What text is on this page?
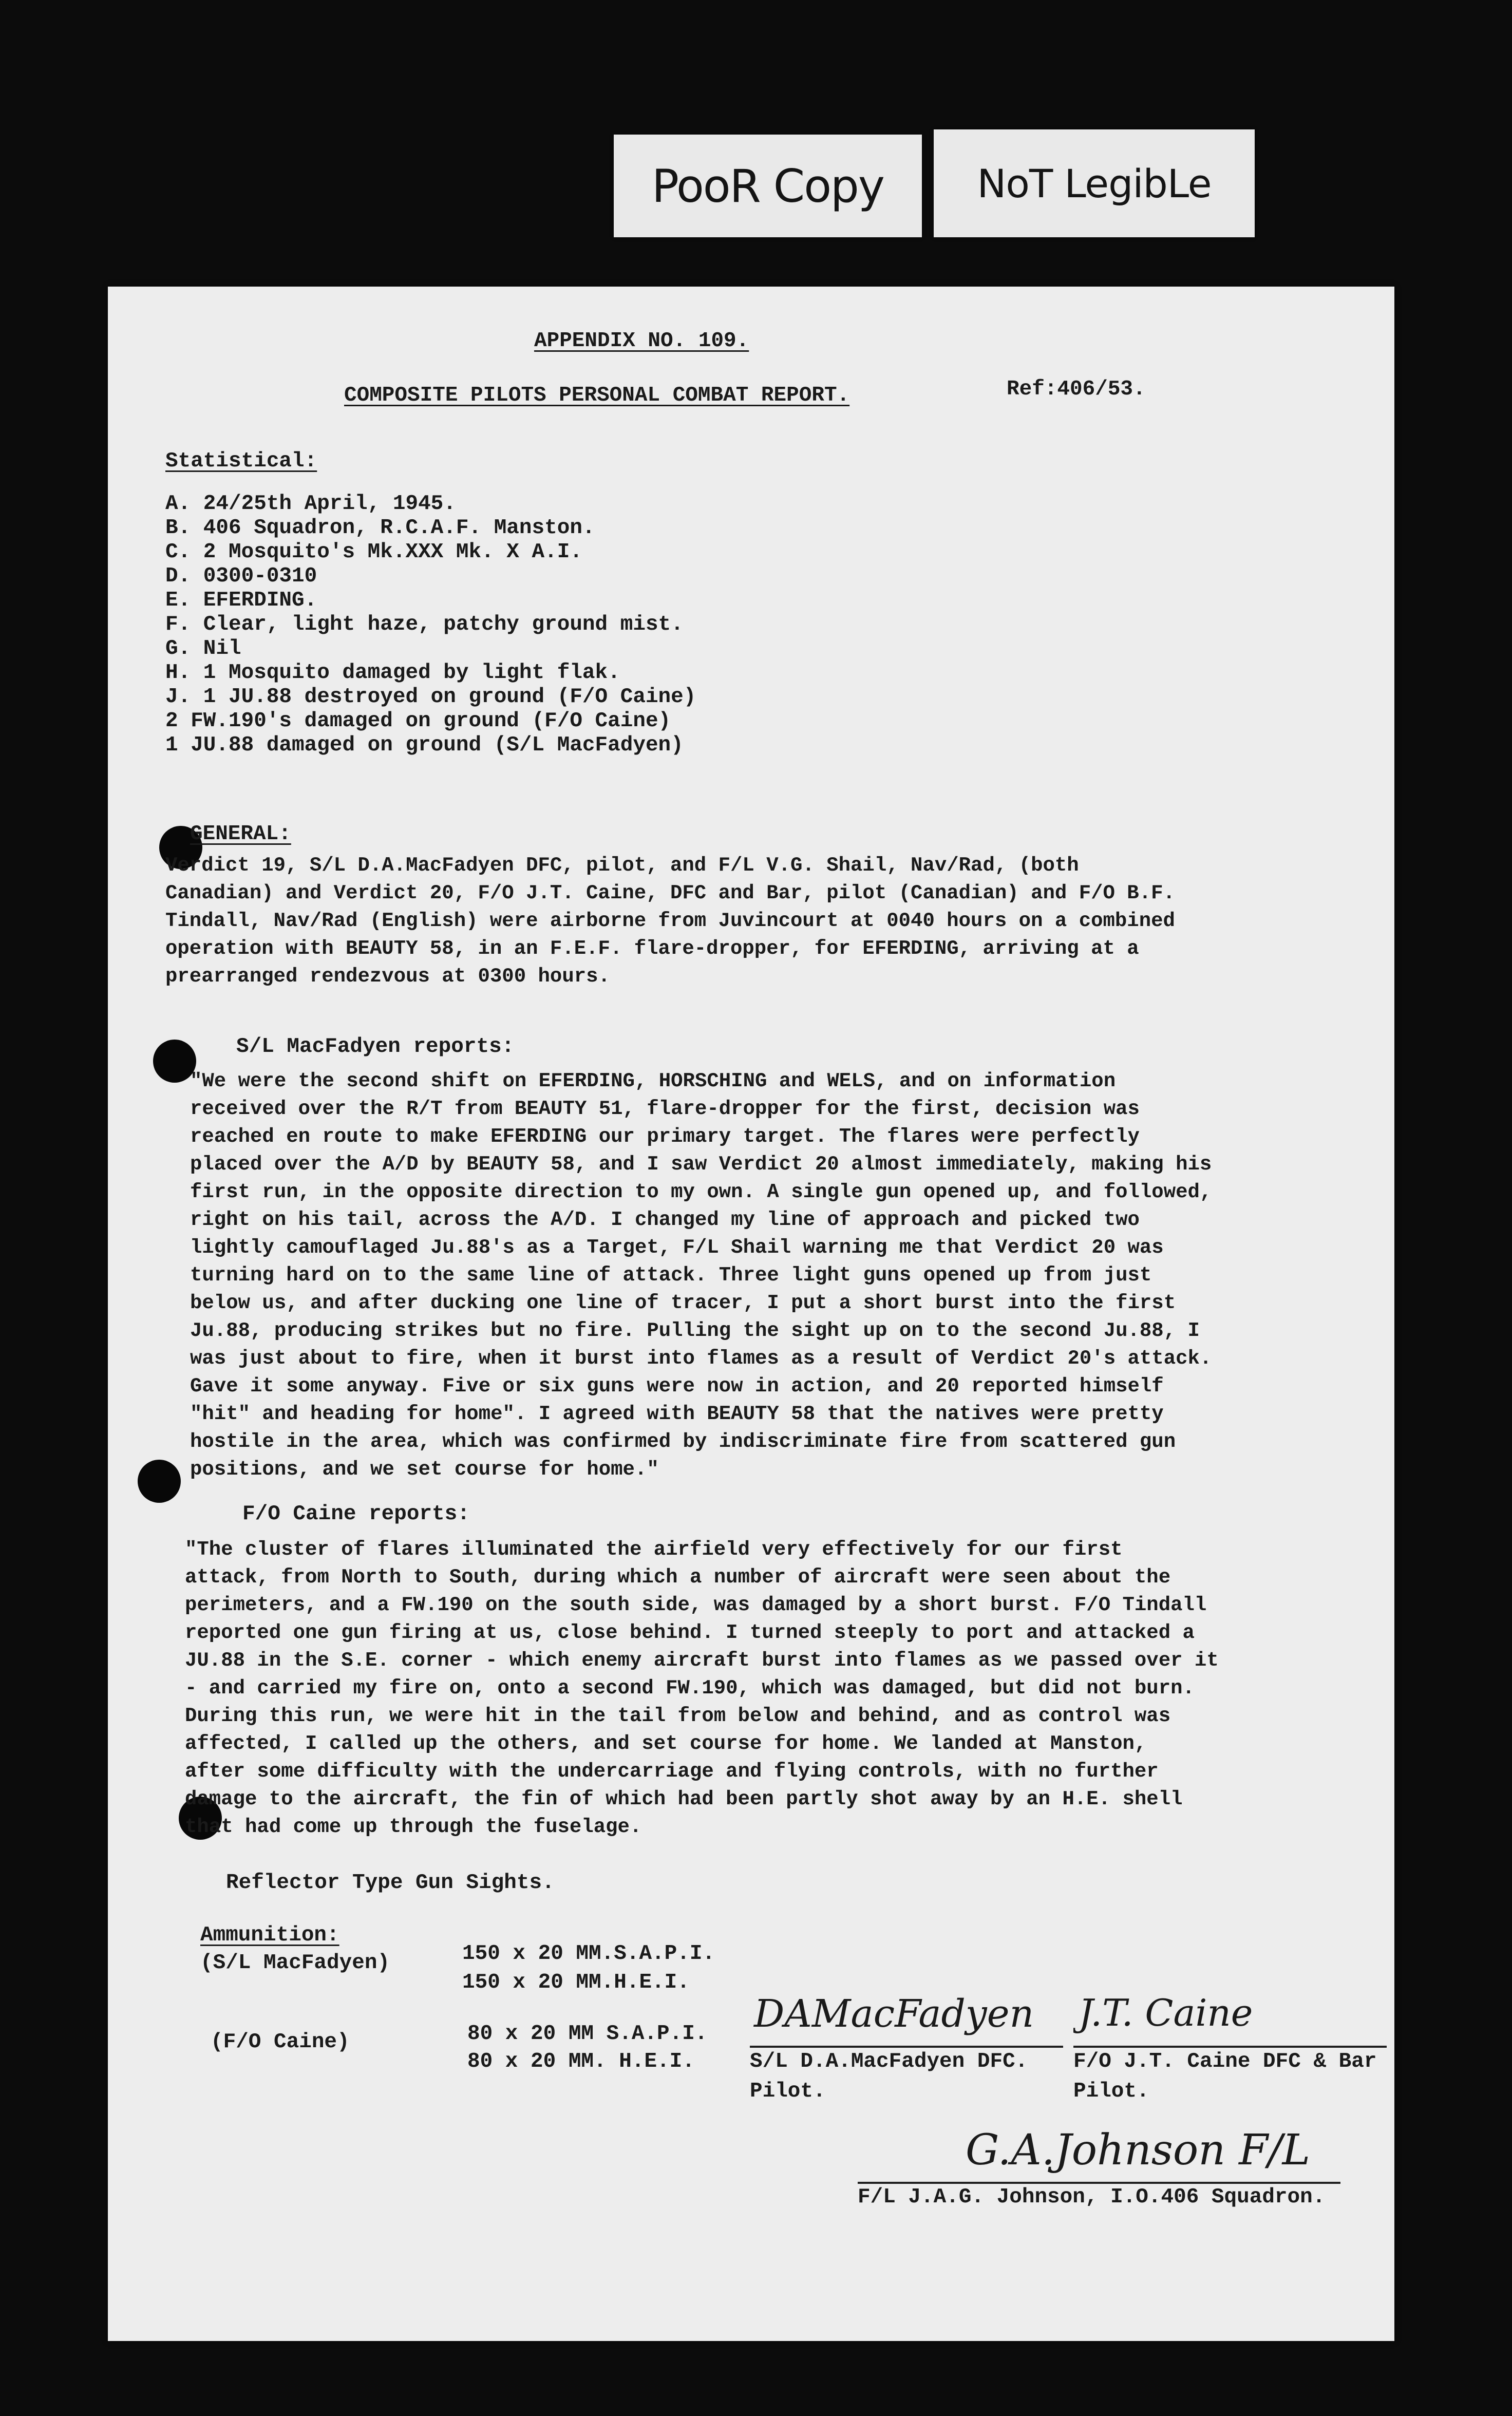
PooR Copy NoT LegibLe
APPENDIX NO. 109.
COMPOSITE PILOTS PERSONAL COMBAT REPORT.	Ref:406/53.
Statistical:
A. 24/25th April, 1945.
B. 406 Squadron, R.C.A.F. Manston.
C. 2 Mosquito's Mk.XXX Mk. X A.I.
D. 0300-0310
E. EFERDING.
F. Clear, light haze, patchy ground mist.
G. Nil
H. 1 Mosquito damaged by light flak.
J. 1 JU.88 destroyed on ground (F/O Caine)
2 FW.190's damaged on ground (F/O Caine)
1 JU.88 damaged on ground (S/L MacFadyen)
GENERAL:
Verdict 19, S/L D.A.MacFadyen DFC, pilot, and F/L V.G. Shail, Nav/Rad, (both
Canadian) and Verdict 20, F/O J.T. Caine, DFC and Bar, pilot (Canadian) and F/O B.F.
Tindall, Nav/Rad (English) were airborne from Juvincourt at 0040 hours on a combined
operation with BEAUTY 58, in an F.E.F. flare-dropper, for EFERDING, arriving at a
prearranged rendezvous at 0300 hours.
S/L MacFadyen reports:
"We were the second shift on EFERDING, HORSCHING and WELS, and on information
received over the R/T from BEAUTY 51, flare-dropper for the first, decision was
reached en route to make EFERDING our primary target. The flares were perfectly
placed over the A/D by BEAUTY 58, and I saw Verdict 20 almost immediately, making his
first run, in the opposite direction to my own. A single gun opened up, and followed,
right on his tail, across the A/D. I changed my line of approach and picked two
lightly camouflaged Ju.88's as a Target, F/L Shail warning me that Verdict 20 was
turning hard on to the same line of attack. Three light guns opened up from just
below us, and after ducking one line of tracer, I put a short burst into the first
Ju.88, producing strikes but no fire. Pulling the sight up on to the second Ju.88, I
was just about to fire, when it burst into flames as a result of Verdict 20's attack.
Gave it some anyway. Five or six guns were now in action, and 20 reported himself
"hit" and heading for home". I agreed with BEAUTY 58 that the natives were pretty
hostile in the area, which was confirmed by indiscriminate fire from scattered gun
positions, and we set course for home."
F/O Caine reports:
"The cluster of flares illuminated the airfield very effectively for our first
attack, from North to South, during which a number of aircraft were seen about the
perimeters, and a FW.190 on the south side, was damaged by a short burst. F/O Tindall
reported one gun firing at us, close behind. I turned steeply to port and attacked a
JU.88 in the S.E. corner - which enemy aircraft burst into flames as we passed over it
- and carried my fire on, onto a second FW.190, which was damaged, but did not burn.
During this run, we were hit in the tail from below and behind, and as control was
affected, I called up the others, and set course for home. We landed at Manston,
after some difficulty with the undercarriage and flying controls, with no further
damage to the aircraft, the fin of which had been partly shot away by an H.E. shell
that had come up through the fuselage.
Reflector Type Gun Sights.
Ammunition:
(S/L MacFadyen)	150 x 20 MM.S.A.P.I.
150 x 20 MM.H.E.I.
(F/O Caine)	80 x 20 MM S.A.P.I.
80 x 20 MM. H.E.I.
DAMacFadyen
S/L D.A.MacFadyen DFC.
Pilot.
J.T. Caine
F/O J.T. Caine DFC & Bar
Pilot.
G.A.Johnson F/L
F/L J.A.G. Johnson, I.O.406 Squadron.
